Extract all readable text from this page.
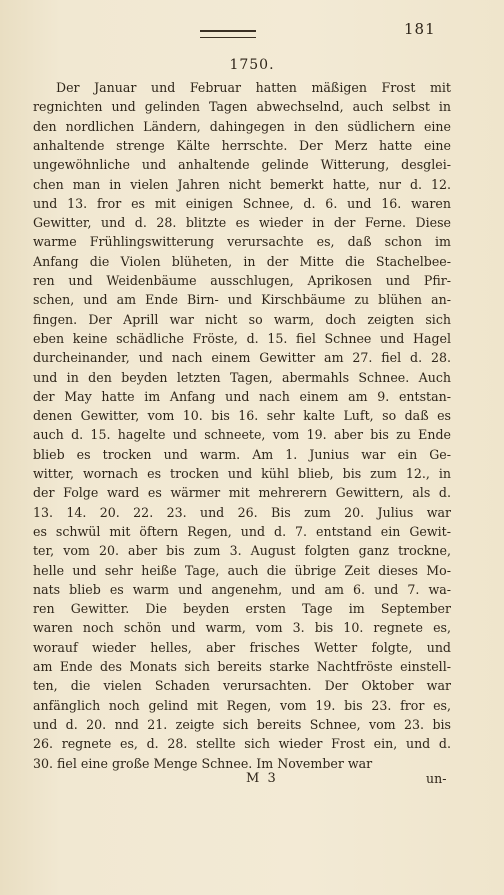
181
1750.
Der Januar und Februar hatten mäßigen Frost mit
regnichten und gelinden Tagen abwechselnd, auch selbst in
den nordlichen Ländern, dahingegen in den südlichern eine
anhaltende strenge Kälte herrschte. Der Merz hatte eine
ungewöhnliche und anhaltende gelinde Witterung, desglei-
chen man in vielen Jahren nicht bemerkt hatte, nur d. 12.
und 13. fror es mit einigen Schnee, d. 6. und 16. waren
Gewitter, und d. 28. blitzte es wieder in der Ferne. Diese
warme Frühlingswitterung verursachte es, daß schon im
Anfang die Violen blüheten, in der Mitte die Stachelbee-
ren und Weidenbäume ausschlugen, Aprikosen und Pfir-
schen, und am Ende Birn- und Kirschbäume zu blühen an-
fingen. Der Aprill war nicht so warm, doch zeigten sich
eben keine schädliche Fröste, d. 15. fiel Schnee und Hagel
durcheinander, und nach einem Gewitter am 27. fiel d. 28.
und in den beyden letzten Tagen, abermahls Schnee. Auch
der May hatte im Anfang und nach einem am 9. entstan-
denen Gewitter, vom 10. bis 16. sehr kalte Luft, so daß es
auch d. 15. hagelte und schneete, vom 19. aber bis zu Ende
blieb es trocken und warm. Am 1. Junius war ein Ge-
witter, wornach es trocken und kühl blieb, bis zum 12., in
der Folge ward es wärmer mit mehrerern Gewittern, als d.
13. 14. 20. 22. 23. und 26. Bis zum 20. Julius war
es schwül mit öftern Regen, und d. 7. entstand ein Gewit-
ter, vom 20. aber bis zum 3. August folgten ganz trockne,
helle und sehr heiße Tage, auch die übrige Zeit dieses Mo-
nats blieb es warm und angenehm, und am 6. und 7. wa-
ren Gewitter. Die beyden ersten Tage im September
waren noch schön und warm, vom 3. bis 10. regnete es,
worauf wieder helles, aber frisches Wetter folgte, und
am Ende des Monats sich bereits starke Nachtfröste einstell-
ten, die vielen Schaden verursachten. Der Oktober war
anfänglich noch gelind mit Regen, vom 19. bis 23. fror es,
und d. 20. nnd 21. zeigte sich bereits Schnee, vom 23. bis
26. regnete es, d. 28. stellte sich wieder Frost ein, und d.
30. fiel eine große Menge Schnee. Im November war
M 3	un-
